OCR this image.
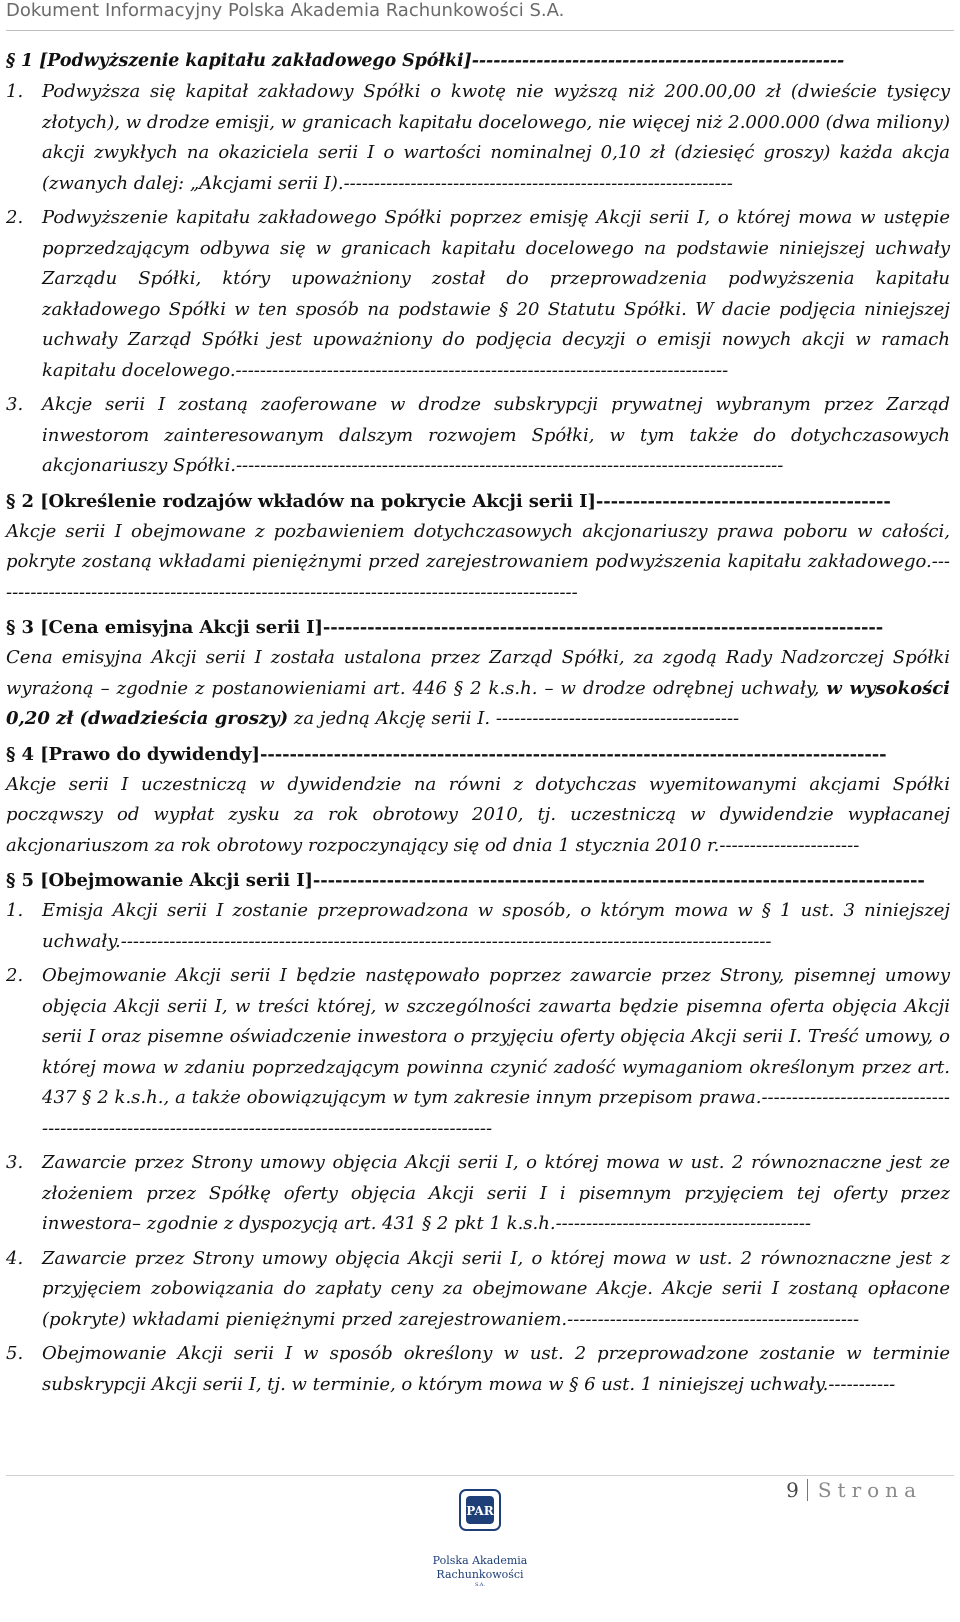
Dokument Informacyjny Polska Akademia Rachunkowości S.A.
§ 1 [Podwyższenie kapitału zakładowego Spółki]----------------------------------------------------
1.	Podwyższa się kapitał zakładowy Spółki o kwotę nie wyższą niż 200.00,00 zł (dwieście tysięcy złotych), w drodze emisji, w granicach kapitału docelowego, nie więcej niż 2.000.000 (dwa miliony) akcji zwykłych na okaziciela serii I o wartości nominalnej 0,10 zł (dziesięć groszy) każda akcja (zwanych dalej: „Akcjami serii I).----------------------------------------------------------------
2.	Podwyższenie kapitału zakładowego Spółki poprzez emisję Akcji serii I, o której mowa w ustępie poprzedzającym odbywa się w granicach kapitału docelowego na podstawie niniejszej uchwały Zarządu Spółki, który upoważniony został do przeprowadzenia podwyższenia kapitału zakładowego Spółki w ten sposób na podstawie § 20 Statutu Spółki. W dacie podjęcia niniejszej uchwały Zarząd Spółki jest upoważniony do podjęcia decyzji o emisji nowych akcji w ramach kapitału docelowego.---------------------------------------------------------------------------------
3.	Akcje serii I zostaną zaoferowane w drodze subskrypcji prywatnej wybranym przez Zarząd inwestorom zainteresowanym dalszym rozwojem Spółki, w tym także do dotychczasowych akcjonariuszy Spółki.------------------------------------------------------------------------------------------
§ 2 [Określenie rodzajów wkładów na pokrycie Akcji serii I]----------------------------------------

Akcje serii I obejmowane z pozbawieniem dotychczasowych akcjonariuszy prawa poboru w całości, pokryte zostaną wkładami pieniężnymi przed zarejestrowaniem podwyższenia kapitału zakładowego.-------------------------------------------------------------------------------------------------

§ 3 [Cena emisyjna Akcji serii I]----------------------------------------------------------------------------

Cena emisyjna Akcji serii I została ustalona przez Zarząd Spółki, za zgodą Rady Nadzorczej Spółki wyrażoną – zgodnie z postanowieniami art. 446 § 2 k.s.h. – w drodze odrębnej uchwały, w wysokości 0,20 zł (dwadzieścia groszy) za jedną Akcję serii I. ----------------------------------------

§ 4 [Prawo do dywidendy]-------------------------------------------------------------------------------------

Akcje serii I uczestniczą w dywidendzie na równi z dotychczas wyemitowanymi akcjami Spółki począwszy od wypłat zysku za rok obrotowy 2010, tj. uczestniczą w dywidendzie wypłacanej akcjonariuszom za rok obrotowy rozpoczynający się od dnia 1 stycznia 2010 r.-----------------------

§ 5 [Obejmowanie Akcji serii I]-----------------------------------------------------------------------------------
1.	Emisja Akcji serii I zostanie przeprowadzona w sposób, o którym mowa w § 1 ust. 3 niniejszej uchwały.-----------------------------------------------------------------------------------------------------------
2.	Obejmowanie Akcji serii I będzie następowało poprzez zawarcie przez Strony, pisemnej umowy objęcia Akcji serii I, w treści której, w szczególności zawarta będzie pisemna oferta objęcia Akcji serii I oraz pisemne oświadczenie inwestora o przyjęciu oferty objęcia Akcji serii I. Treść umowy, o której mowa w zdaniu poprzedzającym powinna czynić zadość wymaganiom określonym przez art. 437 § 2 k.s.h., a także obowiązującym w tym zakresie innym przepisom prawa.---------------------------------------------------------------------------------------------------------
3.	Zawarcie przez Strony umowy objęcia Akcji serii I, o której mowa w ust. 2 równoznaczne jest ze złożeniem przez Spółkę oferty objęcia Akcji serii I i pisemnym przyjęciem tej oferty przez inwestora– zgodnie z dyspozycją art. 431 § 2 pkt 1 k.s.h.------------------------------------------
4.	Zawarcie przez Strony umowy objęcia Akcji serii I, o której mowa w ust. 2 równoznaczne jest z przyjęciem zobowiązania do zapłaty ceny za obejmowane Akcje. Akcje serii I zostaną opłacone (pokryte) wkładami pieniężnymi przed zarejestrowaniem.------------------------------------------------
5.	Obejmowanie Akcji serii I w sposób określony w ust. 2 przeprowadzone zostanie w terminie subskrypcji Akcji serii I, tj. w terminie, o którym mowa w § 6 ust. 1 niniejszej uchwały.-----------
9 Strona
PAR
Polska Akademia
Rachunkowości
S.A.
